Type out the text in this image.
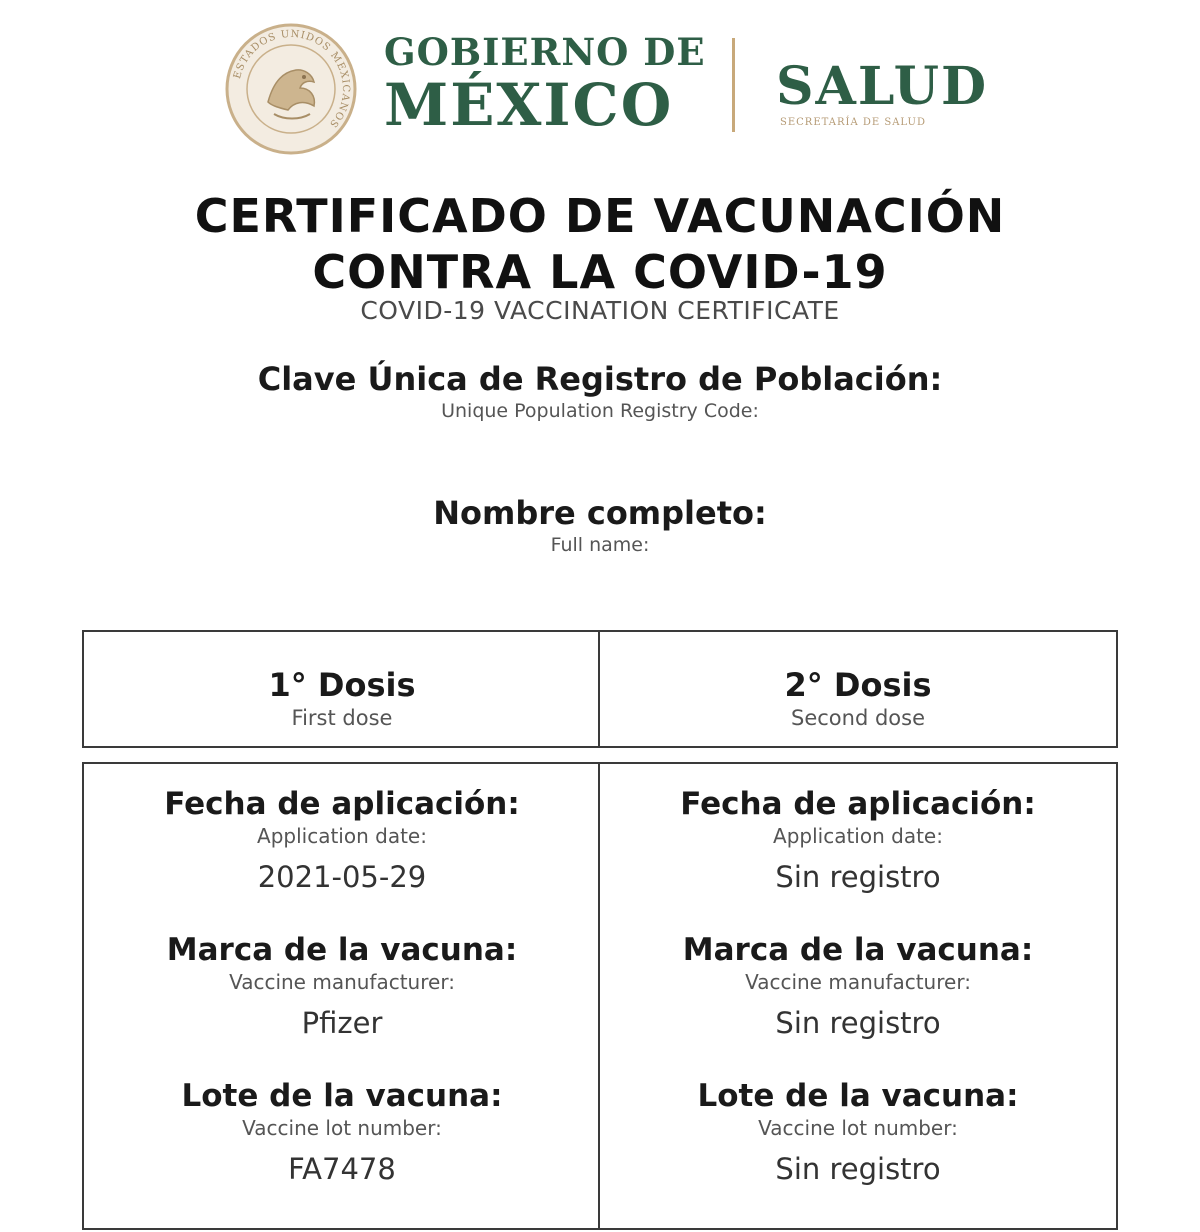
ESTADOS UNIDOS MEXICANOS
GOBIERNO DE
MÉXICO	SALUD
SECRETARÍA DE SALUD
CERTIFICADO DE VACUNACIÓN
CONTRA LA COVID-19
COVID-19 VACCINATION CERTIFICATE
Clave Única de Registro de Población:
Unique Population Registry Code:
Nombre completo:
Full name:
1° Dosis
First dose
2° Dosis
Second dose
Fecha de aplicación:
Application date:
2021-05-29
Marca de la vacuna:
Vaccine manufacturer:
Pfizer
Lote de la vacuna:
Vaccine lot number:
FA7478
Fecha de aplicación:
Application date:
Sin registro
Marca de la vacuna:
Vaccine manufacturer:
Sin registro
Lote de la vacuna:
Vaccine lot number:
Sin registro
